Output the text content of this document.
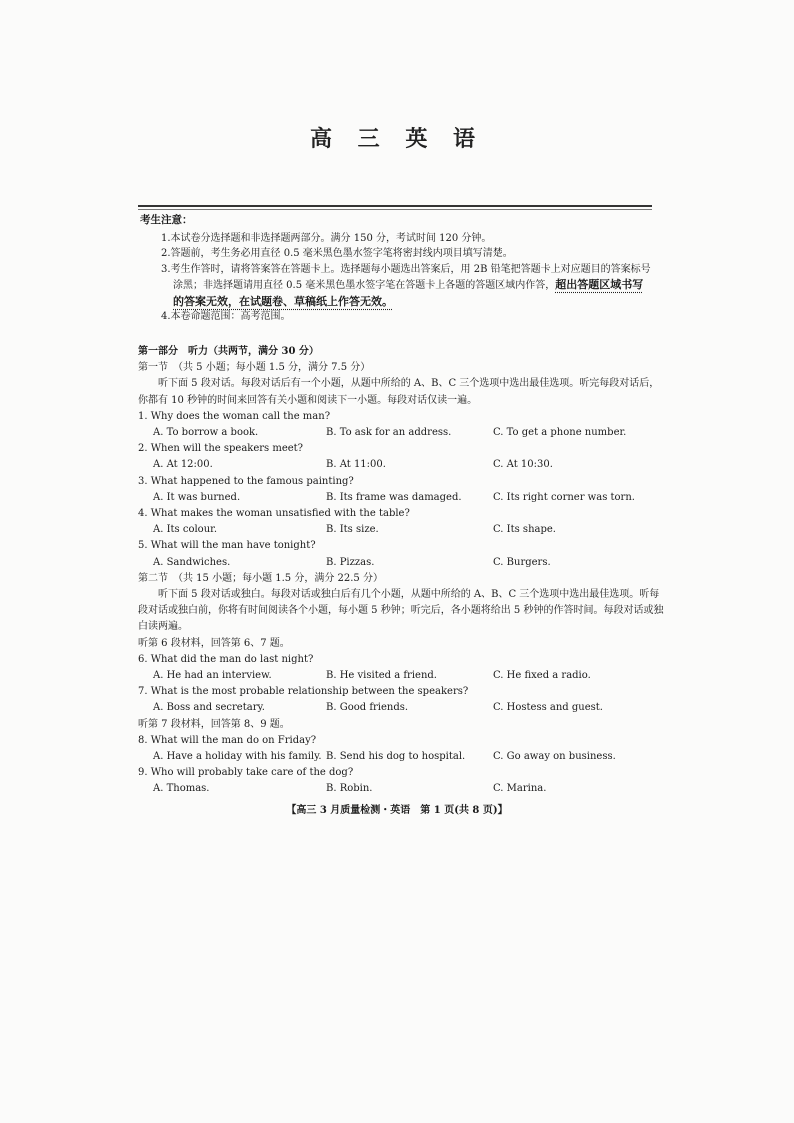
高 三 英 语
考生注意：
1.本试卷分选择题和非选择题两部分。满分 150 分，考试时间 120 分钟。
2.答题前，考生务必用直径 0.5 毫米黑色墨水签字笔将密封线内项目填写清楚。
3.考生作答时，请将答案答在答题卡上。选择题每小题选出答案后，用 2B 铅笔把答题卡上对应题目的答案标号
涂黑；非选择题请用直径 0.5 毫米黑色墨水签字笔在答题卡上各题的答题区域内作答，超出答题区域书写
的答案无效，在试题卷、草稿纸上作答无效。
4.本卷命题范围：高考范围。
第一部分　听力（共两节，满分 30 分）
第一节　（共 5 小题；每小题 1.5 分，满分 7.5 分）
听下面 5 段对话。每段对话后有一个小题，从题中所给的 A、B、C 三个选项中选出最佳选项。听完每段对话后，你都有 10 秒钟的时间来回答有关小题和阅读下一小题。每段对话仅读一遍。
1. Why does the woman call the man?
A. To borrow a book.	B. To ask for an address.	C. To get a phone number.
2. When will the speakers meet?
A. At 12:00.	B. At 11:00.	C. At 10:30.
3. What happened to the famous painting?
A. It was burned.	B. Its frame was damaged.	C. Its right corner was torn.
4. What makes the woman unsatisfied with the table?
A. Its colour.	B. Its size.	C. Its shape.
5. What will the man have tonight?
A. Sandwiches.	B. Pizzas.	C. Burgers.
第二节　（共 15 小题；每小题 1.5 分，满分 22.5 分）
听下面 5 段对话或独白。每段对话或独白后有几个小题，从题中所给的 A、B、C 三个选项中选出最佳选项。听每段对话或独白前，你将有时间阅读各个小题，每小题 5 秒钟；听完后，各小题将给出 5 秒钟的作答时间。每段对话或独白读两遍。
听第 6 段材料，回答第 6、7 题。
6. What did the man do last night?
A. He had an interview.	B. He visited a friend.	C. He fixed a radio.
7. What is the most probable relationship between the speakers?
A. Boss and secretary.	B. Good friends.	C. Hostess and guest.
听第 7 段材料，回答第 8、9 题。
8. What will the man do on Friday?
A. Have a holiday with his family. B. Send his dog to hospital.	C. Go away on business.
9. Who will probably take care of the dog?
A. Thomas.	B. Robin.	C. Marina.
【高三 3 月质量检测・英语　第 1 页(共 8 页)】
